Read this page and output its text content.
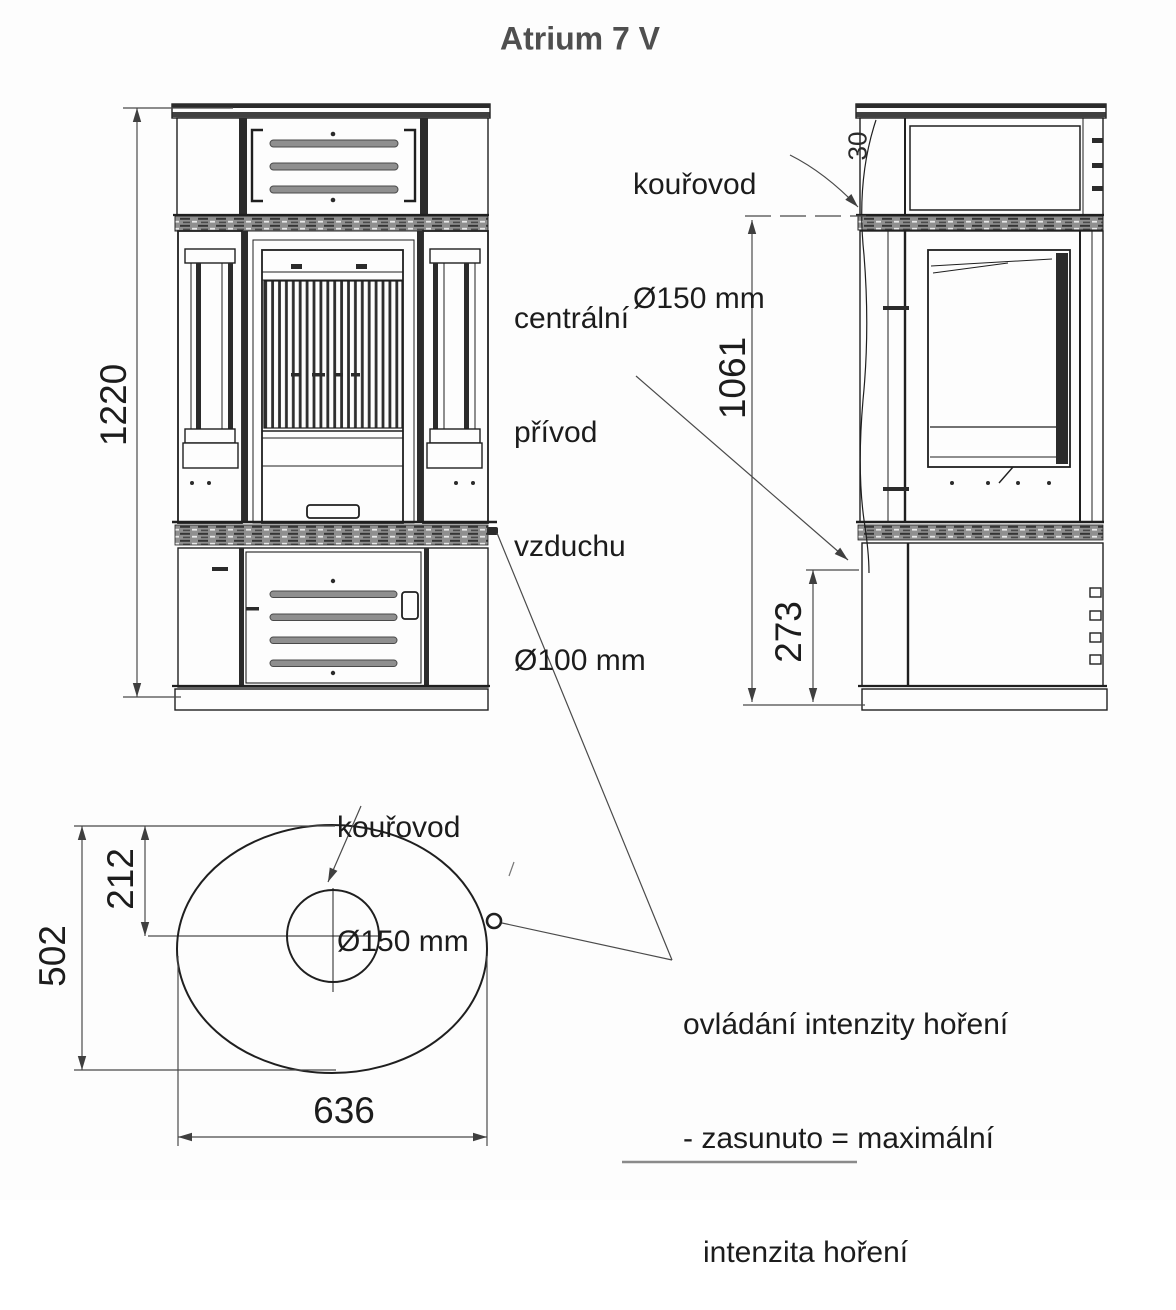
Atrium 7 V

kouřovod

Ø150 mm

centrální

přívod

vzduchu

Ø100 mm

kouřovod

Ø150 mm

ovládání intenzity hoření

- zasunuto = maximální

intenzita hoření

1220	1061
273
502
212
636
30
